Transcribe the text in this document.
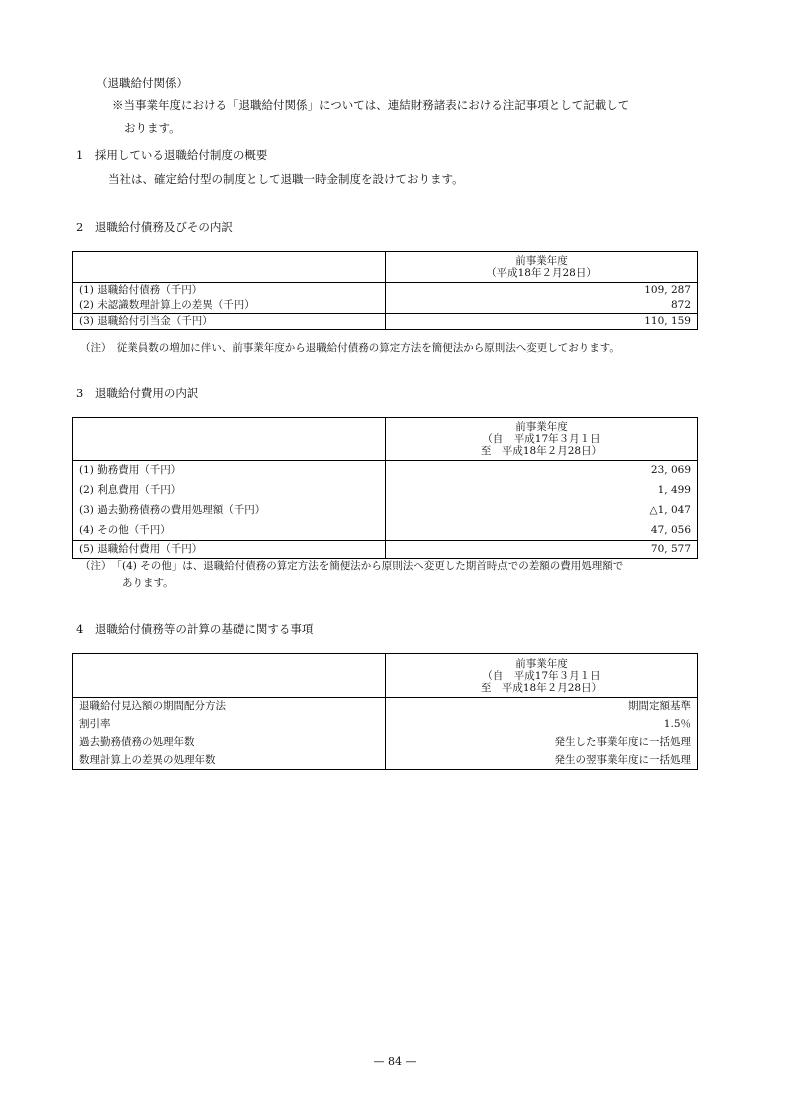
（退職給付関係）
※当事業年度における「退職給付関係」については、連結財務諸表における注記事項として記載して
おります。
1　採用している退職給付制度の概要
当社は、確定給付型の制度として退職一時金制度を設けております。
2　退職給付債務及びその内訳

	前事業年度
（平成18年２月28日）

(1) 退職給付債務（千円）	109, 287
(2) 未認識数理計算上の差異（千円）	872
(3) 退職給付引当金（千円）	110, 159
（注）　従業員数の増加に伴い、前事業年度から退職給付債務の算定方法を簡便法から原則法へ変更しております。
3　退職給付費用の内訳

	前事業年度
（自　平成17年３月１日
至　平成18年２月28日）

(1) 勤務費用（千円）	23, 069
(2) 利息費用（千円）	1, 499
(3) 過去勤務債務の費用処理額（千円）	△1, 047
(4) その他（千円）	47, 056
(5) 退職給付費用（千円）	70, 577
（注）　「(4) その他」は、退職給付債務の算定方法を簡便法から原則法へ変更した期首時点での差額の費用処理額で
あります。
4　退職給付債務等の計算の基礎に関する事項

	前事業年度
（自　平成17年３月１日
至　平成18年２月28日）

退職給付見込額の期間配分方法	期間定額基準
割引率	1.5％
過去勤務債務の処理年数	発生した事業年度に一括処理
数理計算上の差異の処理年数	発生の翌事業年度に一括処理
— 84 —
